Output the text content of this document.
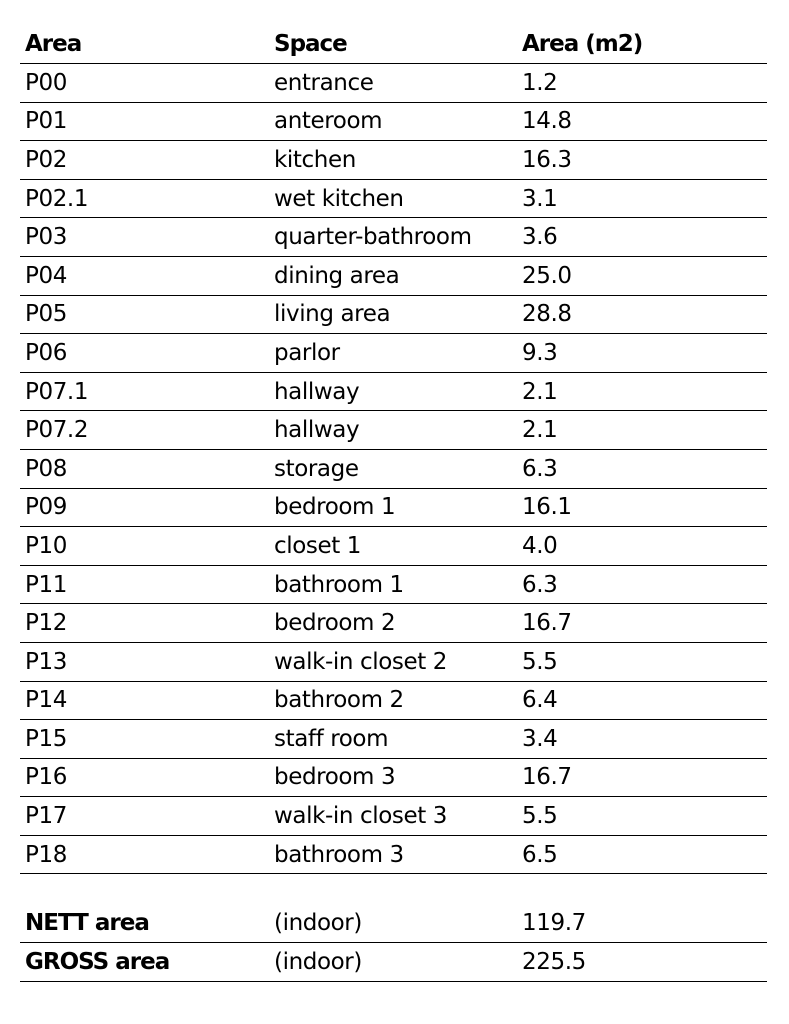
Area	Space	Area (m2)
P00	entrance	1.2
P01	anteroom	14.8
P02	kitchen	16.3
P02.1	wet kitchen	3.1
P03	quarter-bathroom	3.6
P04	dining area	25.0
P05	living area	28.8
P06	parlor	9.3
P07.1	hallway	2.1
P07.2	hallway	2.1
P08	storage	6.3
P09	bedroom 1	16.1
P10	closet 1	4.0
P11	bathroom 1	6.3
P12	bedroom 2	16.7
P13	walk-in closet 2	5.5
P14	bathroom 2	6.4
P15	staff room	3.4
P16	bedroom 3	16.7
P17	walk-in closet 3	5.5
P18	bathroom 3	6.5

NETT area	(indoor)	119.7
GROSS area	(indoor)	225.5
